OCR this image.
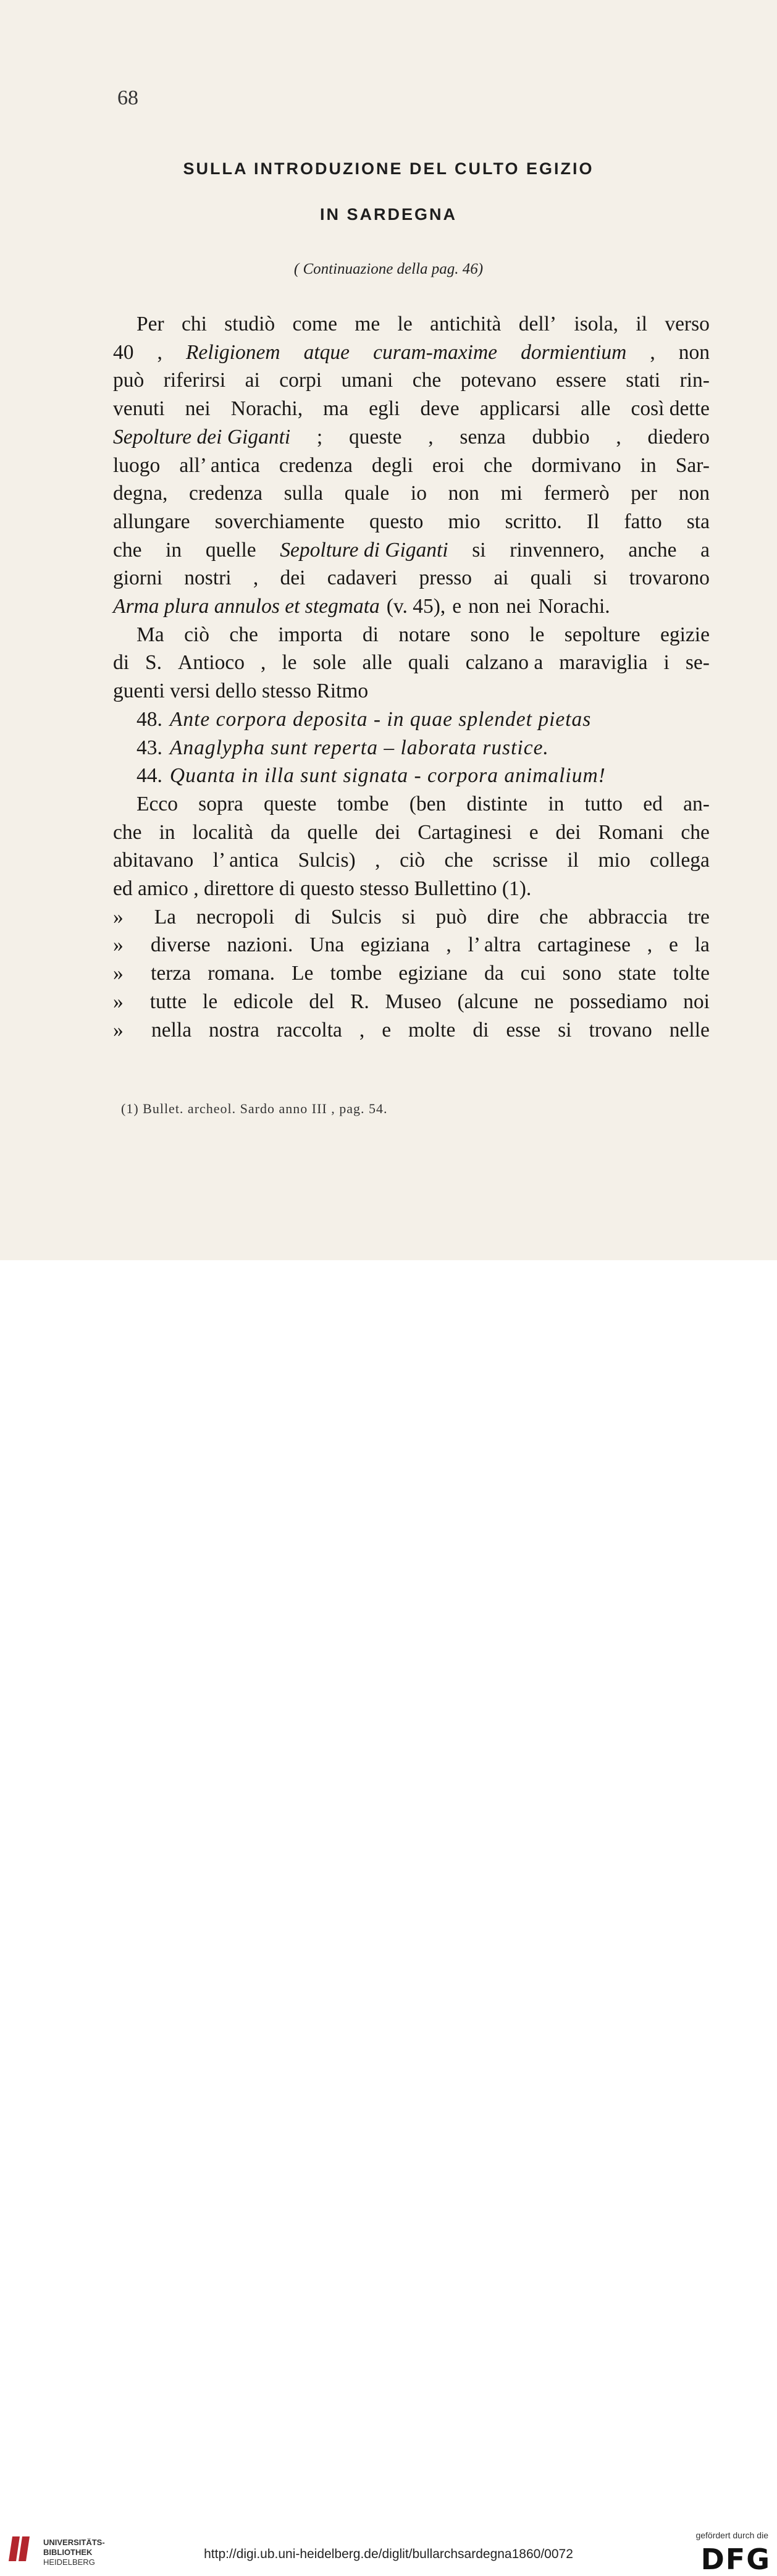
68
SULLA INTRODUZIONE DEL CULTO EGIZIO
IN SARDEGNA
( Continuazione della pag. 46)
Per chi studiò come me le antichità dell’ isola, il verso
40 , Religionem atque curam-maxime dormientium , non
può riferirsi ai corpi umani che potevano essere stati rin-
venuti nei Norachi, ma egli deve applicarsi alle così dette
Sepolture dei Giganti ; queste , senza dubbio , diedero
luogo all’ antica credenza degli eroi che dormivano in Sar-
degna, credenza sulla quale io non mi fermerò per non
allungare soverchiamente questo mio scritto. Il fatto sta
che in quelle Sepolture di Giganti si rinvennero, anche a
giorni nostri , dei cadaveri presso ai quali si trovarono
Arma plura annulos et stegmata (v. 45), e non nei Norachi.
Ma ciò che importa di notare sono le sepolture egizie
di S. Antioco , le sole alle quali calzano a maraviglia i se-
guenti versi dello stesso Ritmo
48. Ante corpora deposita - in quae splendet pietas
43. Anaglypha sunt reperta – laborata rustice.
44. Quanta in illa sunt signata - corpora animalium!
Ecco sopra queste tombe (ben distinte in tutto ed an-
che in località da quelle dei Cartaginesi e dei Romani che
abitavano l’ antica Sulcis) , ciò che scrisse il mio collega
ed amico , direttore di questo stesso Bullettino (1).
»	La necropoli di Sulcis si può dire che abbraccia tre
»	diverse nazioni. Una egiziana , l’ altra cartaginese , e la
»	terza romana. Le tombe egiziane da cui sono state tolte
»	tutte le edicole del R. Museo (alcune ne possediamo noi
»	nella nostra raccolta , e molte di esse si trovano nelle
(1) Bullet. archeol. Sardo anno III , pag. 54.
UNIVERSITÄTS-
BIBLIOTHEK
HEIDELBERG
http://digi.ub.uni-heidelberg.de/diglit/bullarchsardegna1860/0072
gefördert durch die
DFG
